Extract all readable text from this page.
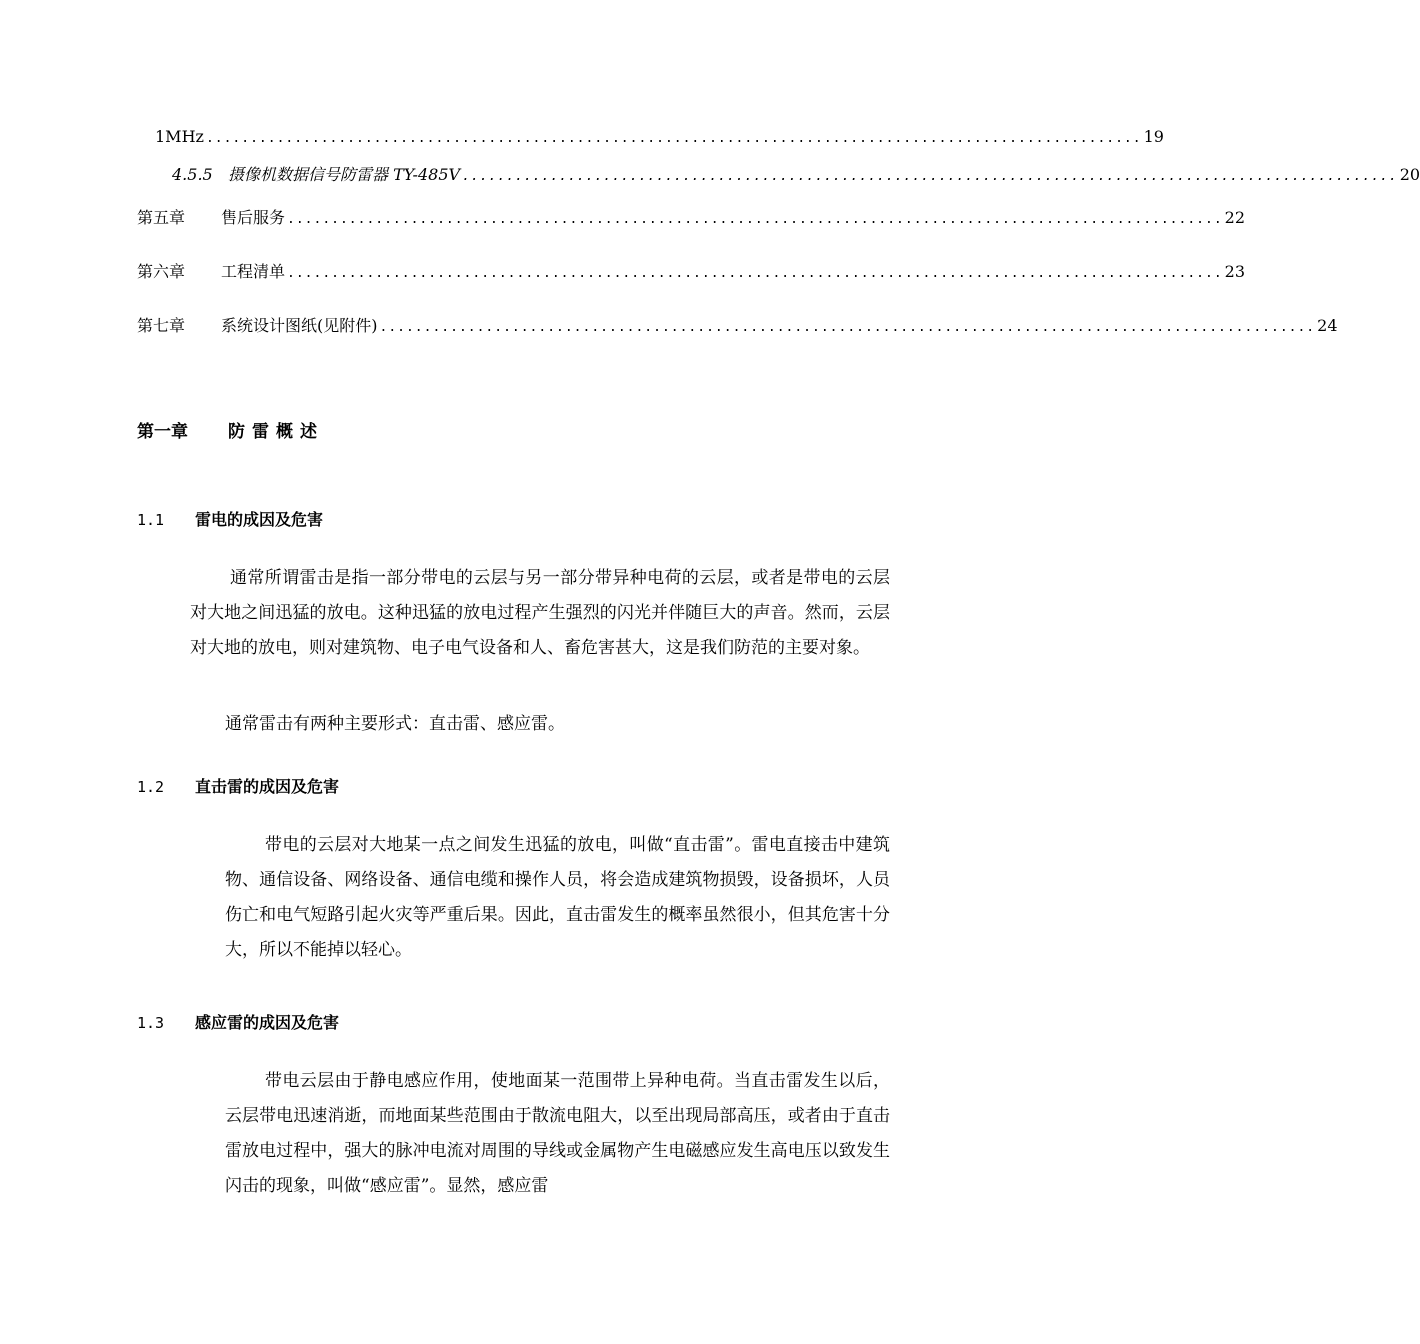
1MHz .......................................................................................................... 19
4.5.5 摄像机数据信号防雷器 TY-485V .......................................................................................................... 20
第五章 售后服务 .......................................................................................................... 22
第六章 工程清单 .......................................................................................................... 23
第七章 系统设计图纸(见附件) .......................................................................................................... 24
第一章 防雷概述
1.1 雷电的成因及危害

通常所谓雷击是指一部分带电的云层与另一部分带异种电荷的云层，或者是带电的云层对大地之间迅猛的放电。这种迅猛的放电过程产生强烈的闪光并伴随巨大的声音。然而，云层对大地的放电，则对建筑物、电子电气设备和人、畜危害甚大，这是我们防范的主要对象。

通常雷击有两种主要形式：直击雷、感应雷。

1.2 直击雷的成因及危害

带电的云层对大地某一点之间发生迅猛的放电，叫做“直击雷”。雷电直接击中建筑物、通信设备、网络设备、通信电缆和操作人员，将会造成建筑物损毁，设备损坏，人员伤亡和电气短路引起火灾等严重后果。因此，直击雷发生的概率虽然很小，但其危害十分大，所以不能掉以轻心。

1.3 感应雷的成因及危害

带电云层由于静电感应作用，使地面某一范围带上异种电荷。当直击雷发生以后，云层带电迅速消逝，而地面某些范围由于散流电阻大，以至出现局部高压，或者由于直击雷放电过程中，强大的脉冲电流对周围的导线或金属物产生电磁感应发生高电压以致发生闪击的现象，叫做“感应雷”。显然，感应雷
